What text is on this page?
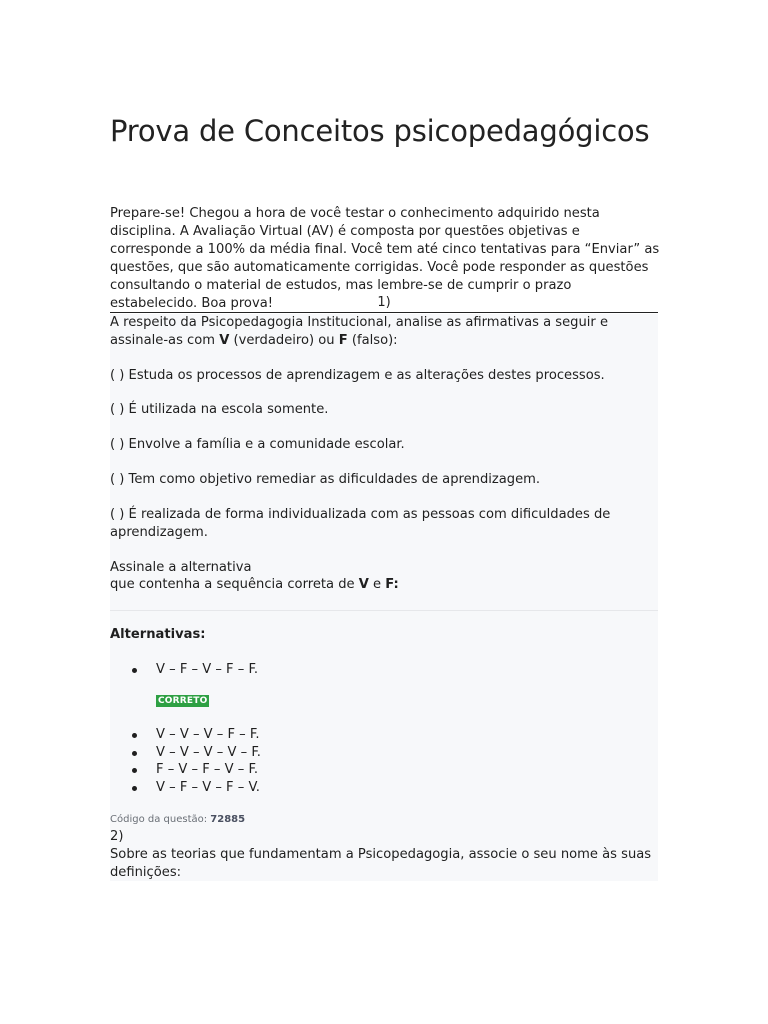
Prova de Conceitos psicopedagógicos

Prepare-se! Chegou a hora de você testar o conhecimento adquirido nesta disciplina. A Avaliação Virtual (AV) é composta por questões objetivas e corresponde a 100% da média final. Você tem até cinco tentativas para “Enviar” as questões, que são automaticamente corrigidas. Você pode responder as questões consultando o material de estudos, mas lembre-se de cumprir o prazo estabelecido. Boa prova!	1)
A respeito da Psicopedagogia Institucional, analise as afirmativas a seguir e assinale-as com V (verdadeiro) ou F (falso):
( ) Estuda os processos de aprendizagem e as alterações destes processos.
( ) É utilizada na escola somente.
( ) Envolve a família e a comunidade escolar.
( ) Tem como objetivo remediar as dificuldades de aprendizagem.
( ) É realizada de forma individualizada com as pessoas com dificuldades de aprendizagem.
Assinale a alternativa
que contenha a sequência correta de V e F:
Alternativas:
V – F – V – F – F.
CORRETO
V – V – V – F – F.
V – V – V – V – F.
F – V – F – V – F.
V – F – V – F – V.
Código da questão: 72885
2)
Sobre as teorias que fundamentam a Psicopedagogia, associe o seu nome às suas definições:
